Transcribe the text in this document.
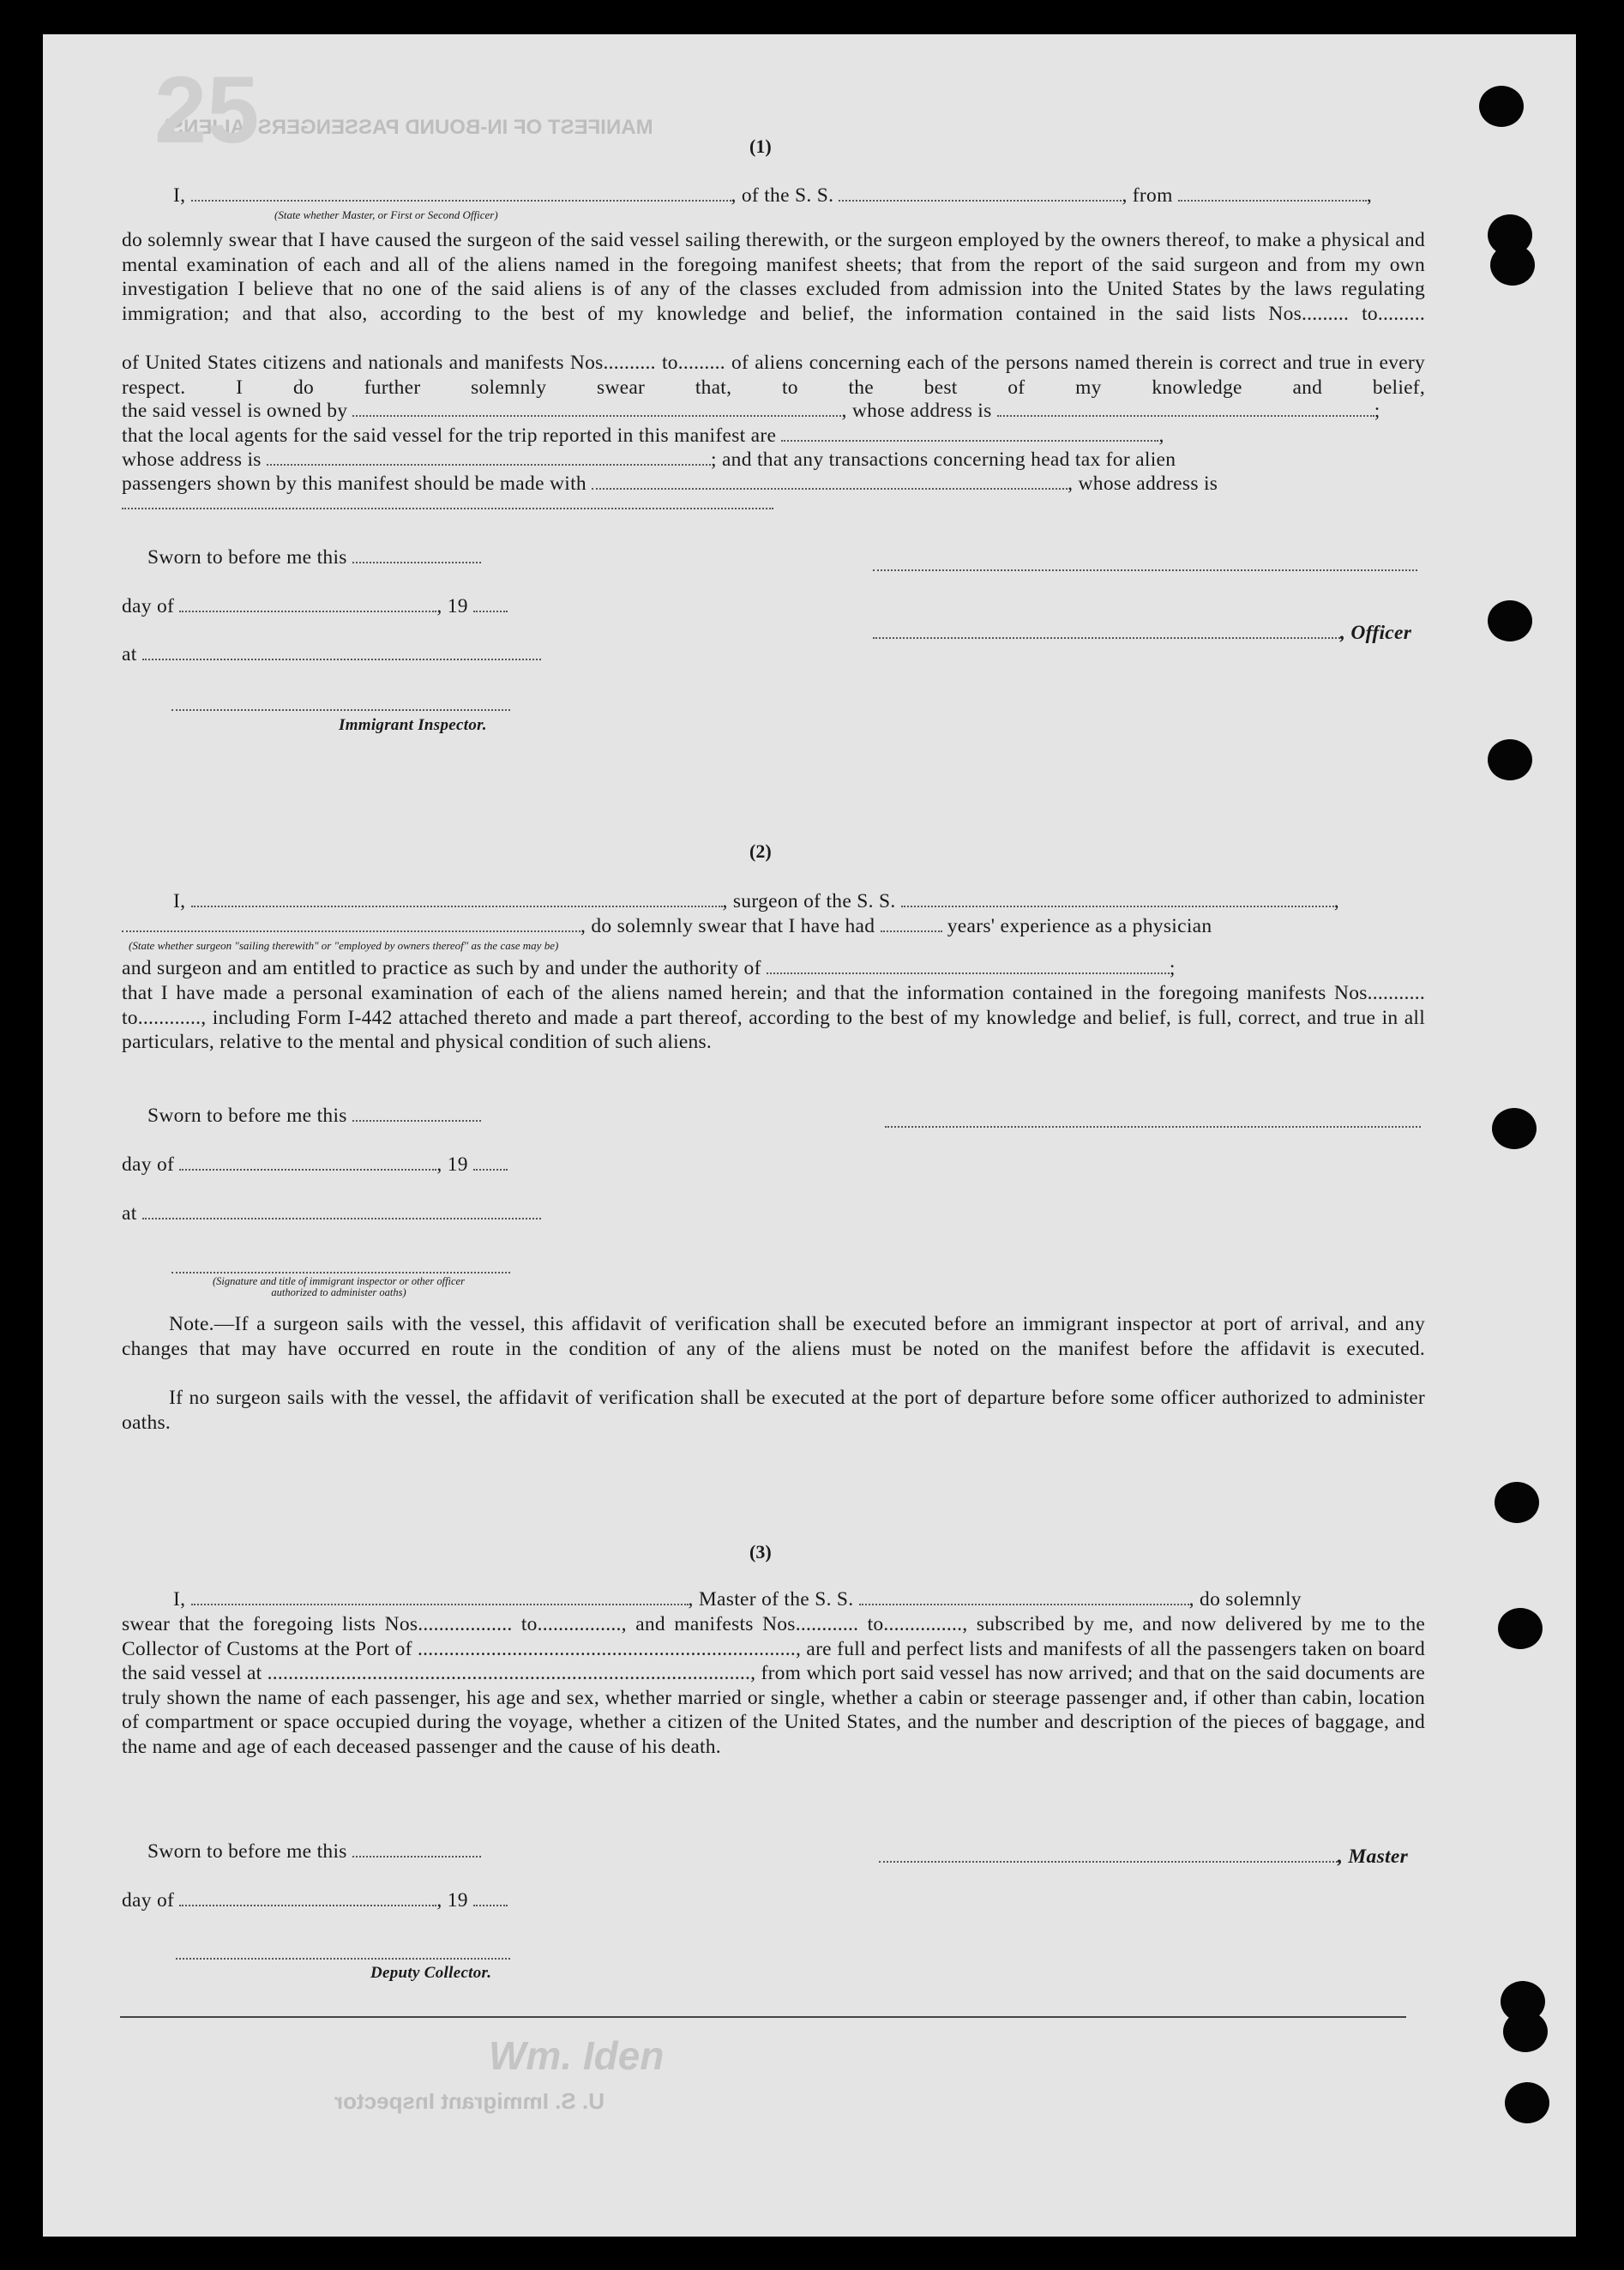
MANIFEST OF IN-BOUND PASSENGERS (ALIENS)
25
U. S. Immigrant Inspector
Wm. Iden
(1)
I,	, of the S. S.	, from	,
(State whether Master, or First or Second Officer)
do solemnly swear that I have caused the surgeon of the said vessel sailing therewith, or the surgeon employed by the owners thereof, to make a physical and mental examination of each and all of the aliens named in the foregoing manifest sheets; that from the report of the said surgeon and from my own investigation I believe that no one of the said aliens is of any of the classes excluded from admission into the United States by the laws regulating immigration; and that also, according to the best of my knowledge and belief, the information contained in the said lists Nos......... to.........
of United States citizens and nationals and manifests Nos.......... to......... of aliens concerning each of the persons named therein is correct and true in every respect. I do further solemnly swear that, to the best of my knowledge and belief,
the said vessel is owned by	, whose address is	;
that the local agents for the said vessel for the trip reported in this manifest are	,
whose address is	; and that any transactions concerning head tax for alien
passengers shown by this manifest should be made with	, whose address is
Sworn to before me this
day of	, 19
, Officer
at
Immigrant Inspector.
(2)
I,	, surgeon of the S. S.	,
, do solemnly swear that I have had	years' experience as a physician
(State whether surgeon "sailing therewith" or "employed by owners thereof" as the case may be)
and surgeon and am entitled to practice as such by and under the authority of	;
that I have made a personal examination of each of the aliens named herein; and that the information contained in the foregoing manifests Nos........... to............, including Form I-442 attached thereto and made a part thereof, according to the best of my knowledge and belief, is full, correct, and true in all particulars, relative to the mental and physical condition of such aliens.
Sworn to before me this
day of	, 19
at
(Signature and title of immigrant inspector or other officer authorized to administer oaths)
Note.—If a surgeon sails with the vessel, this affidavit of verification shall be executed before an immigrant inspector at port of arrival, and any changes that may have occurred en route in the condition of any of the aliens must be noted on the manifest before the affidavit is executed.
If no surgeon sails with the vessel, the affidavit of verification shall be executed at the port of departure before some officer authorized to administer oaths.
(3)
I,	, Master of the S. S.	, do solemnly
swear that the foregoing lists Nos.................. to................, and manifests Nos............ to..............., subscribed by me, and now delivered by me to the Collector of Customs at the Port of ........................................................................, are full and perfect lists and manifests of all the passengers taken on board the said vessel at ............................................................................................, from which port said vessel has now arrived; and that on the said documents are truly shown the name of each passenger, his age and sex, whether married or single, whether a cabin or steerage passenger and, if other than cabin, location of compartment or space occupied during the voyage, whether a citizen of the United States, and the number and description of the pieces of baggage, and the name and age of each deceased passenger and the cause of his death.
Sworn to before me this	, Master
day of	, 19
Deputy Collector.
